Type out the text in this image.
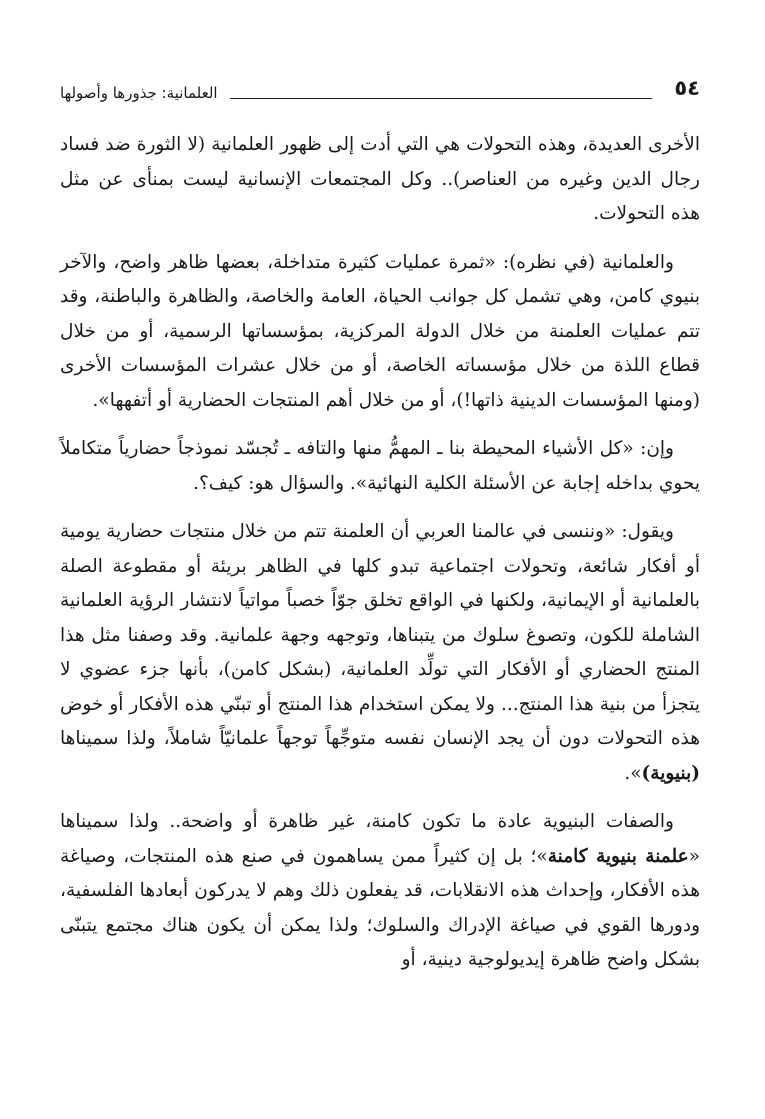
٥٤
العلمانية: جذورها وأصولها

الأخرى العديدة، وهذه التحولات هي التي أدت إلى ظهور العلمانية (لا الثورة ضد فساد رجال الدين وغيره من العناصر).. وكل المجتمعات الإنسانية ليست بمنأى عن مثل هذه التحولات.

والعلمانية (في نظره): «ثمرة عمليات كثيرة متداخلة، بعضها ظاهر واضح، والآخر بنيوي كامن، وهي تشمل كل جوانب الحياة، العامة والخاصة، والظاهرة والباطنة، وقد تتم عمليات العلمنة من خلال الدولة المركزية، بمؤسساتها الرسمية، أو من خلال قطاع اللذة من خلال مؤسساته الخاصة، أو من خلال عشرات المؤسسات الأخرى (ومنها المؤسسات الدينية ذاتها!)، أو من خلال أهم المنتجات الحضارية أو أتفهها».

وإن: «كل الأشياء المحيطة بنا ـ المهمُّ منها والتافه ـ تُجسّد نموذجاً حضارياً متكاملاً يحوي بداخله إجابة عن الأسئلة الكلية النهائية». والسؤال هو: كيف؟.

ويقول: «وننسى في عالمنا العربي أن العلمنة تتم من خلال منتجات حضارية يومية أو أفكار شائعة، وتحولات اجتماعية تبدو كلها في الظاهر بريئة أو مقطوعة الصلة بالعلمانية أو الإيمانية، ولكنها في الواقع تخلق جوّاً خصباً مواتياً لانتشار الرؤية العلمانية الشاملة للكون، وتصوغ سلوك من يتبناها، وتوجهه وجهة علمانية. وقد وصفنا مثل هذا المنتج الحضاري أو الأفكار التي تولِّد العلمانية، (بشكل كامن)، بأنها جزء عضوي لا يتجزأ من بنية هذا المنتج... ولا يمكن استخدام هذا المنتج أو تبنّي هذه الأفكار أو خوض هذه التحولات دون أن يجد الإنسان نفسه متوجِّهاً توجهاً علمانيّاً شاملاً، ولذا سميناها (بنيوية)».

والصفات البنيوية عادة ما تكون كامنة، غير ظاهرة أو واضحة.. ولذا سميناها «علمنة بنيوية كامنة»؛ بل إن كثيراً ممن يساهمون في صنع هذه المنتجات، وصياغة هذه الأفكار، وإحداث هذه الانقلابات، قد يفعلون ذلك وهم لا يدركون أبعادها الفلسفية، ودورها القوي في صياغة الإدراك والسلوك؛ ولذا يمكن أن يكون هناك مجتمع يتبنّى بشكل واضح ظاهرة إيديولوجية دينية، أو
